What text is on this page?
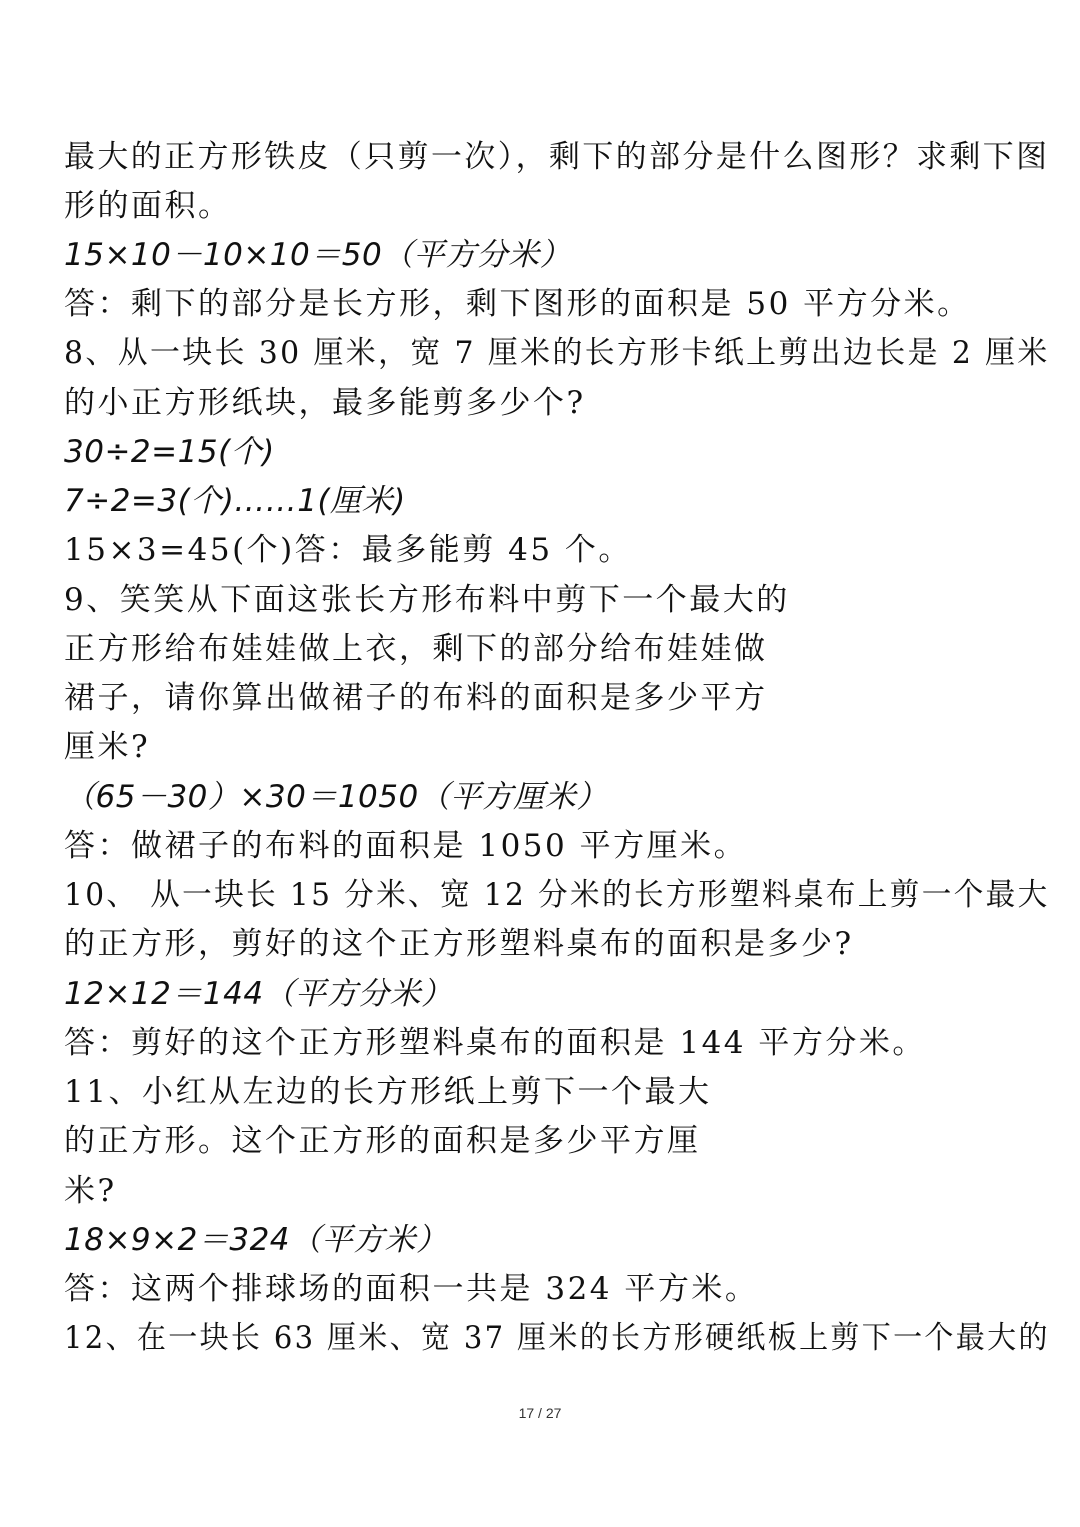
最大的正方形铁皮（只剪一次），剩下的部分是什么图形？求剩下图
形的面积。
15×10－10×10＝50（平方分米）
答：剩下的部分是长方形，剩下图形的面积是 50 平方分米。
8、从一块长 30 厘米，宽 7 厘米的长方形卡纸上剪出边长是 2 厘米
的小正方形纸块，最多能剪多少个?
30÷2=15(个)
7÷2=3(个)……1(厘米)
15×3=45(个)答：最多能剪 45 个。
9、笑笑从下面这张长方形布料中剪下一个最大的
正方形给布娃娃做上衣，剩下的部分给布娃娃做
裙子，请你算出做裙子的布料的面积是多少平方
厘米?
（65－30）×30＝1050（平方厘米）
答：做裙子的布料的面积是 1050 平方厘米。
10、 从一块长 15 分米、宽 12 分米的长方形塑料桌布上剪一个最大
的正方形，剪好的这个正方形塑料桌布的面积是多少?
12×12＝144（平方分米）
答：剪好的这个正方形塑料桌布的面积是 144 平方分米。
11、小红从左边的长方形纸上剪下一个最大
的正方形。这个正方形的面积是多少平方厘
米?
18×9×2＝324（平方米）
答：这两个排球场的面积一共是 324 平方米。
12、在一块长 63 厘米、宽 37 厘米的长方形硬纸板上剪下一个最大的
17 / 27
